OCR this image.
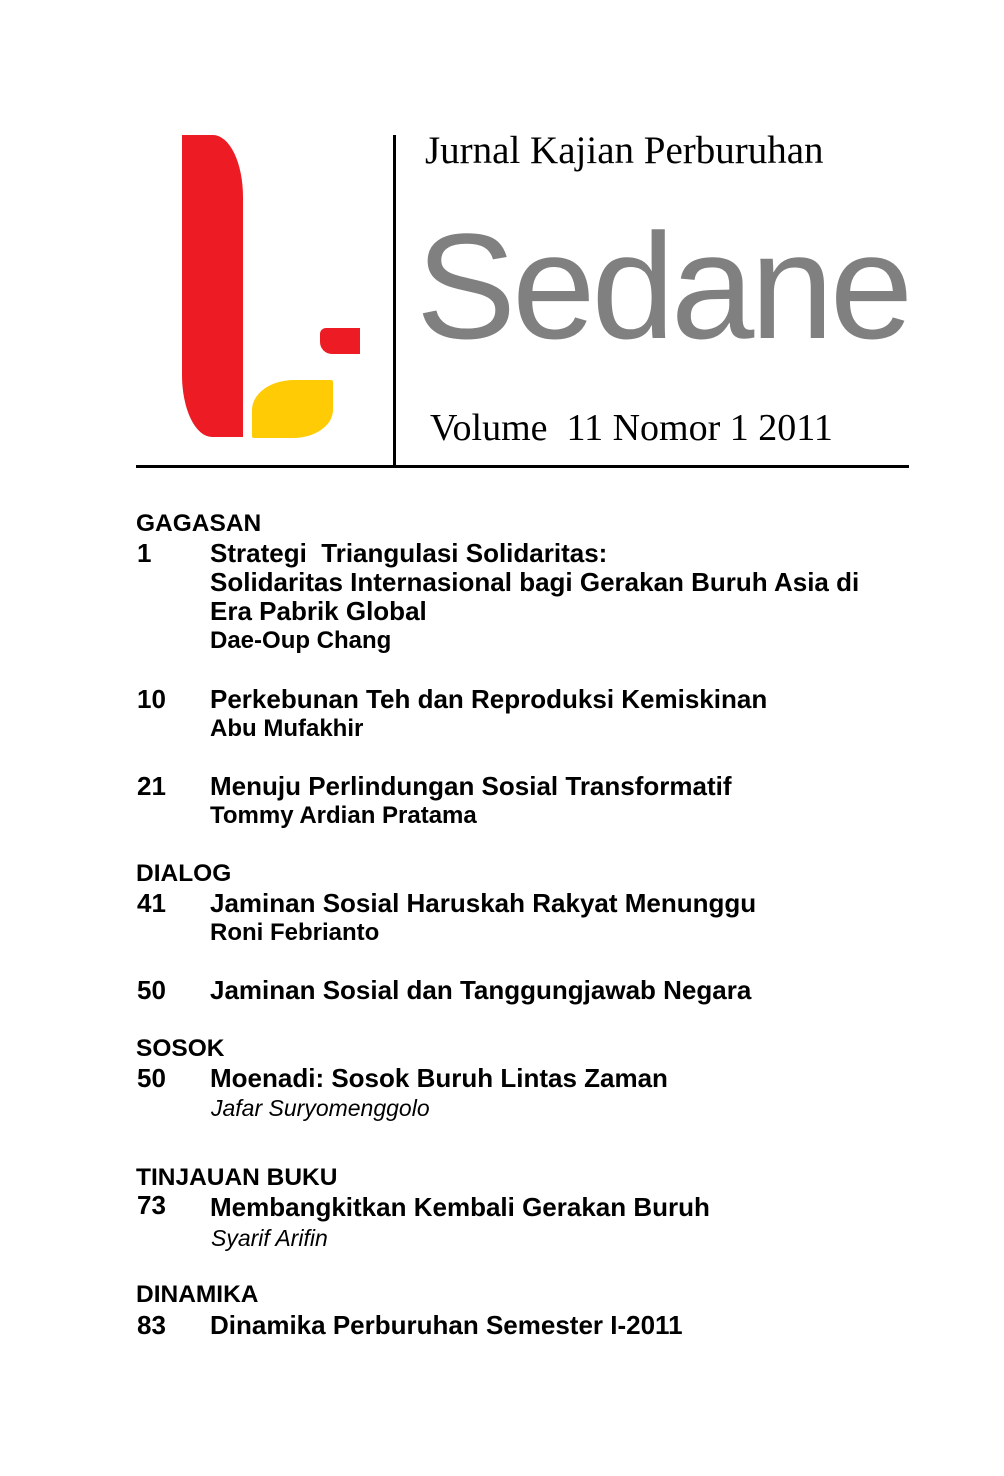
Jurnal Kajian Perburuhan
Sedane
Volume  11 Nomor 1 2011
GAGASAN
1 Strategi  Triangulasi Solidaritas:
Solidaritas Internasional bagi Gerakan Buruh Asia di
Era Pabrik Global
Dae-Oup Chang
10 Perkebunan Teh dan Reproduksi Kemiskinan
Abu Mufakhir
21 Menuju Perlindungan Sosial Transformatif
Tommy Ardian Pratama
DIALOG
41 Jaminan Sosial Haruskah Rakyat Menunggu
Roni Febrianto
50 Jaminan Sosial dan Tanggungjawab Negara
SOSOK
50 Moenadi: Sosok Buruh Lintas Zaman
Jafar Suryomenggolo
TINJAUAN BUKU
73 Membangkitkan Kembali Gerakan Buruh
Syarif Arifin
DINAMIKA
83 Dinamika Perburuhan Semester I-2011
